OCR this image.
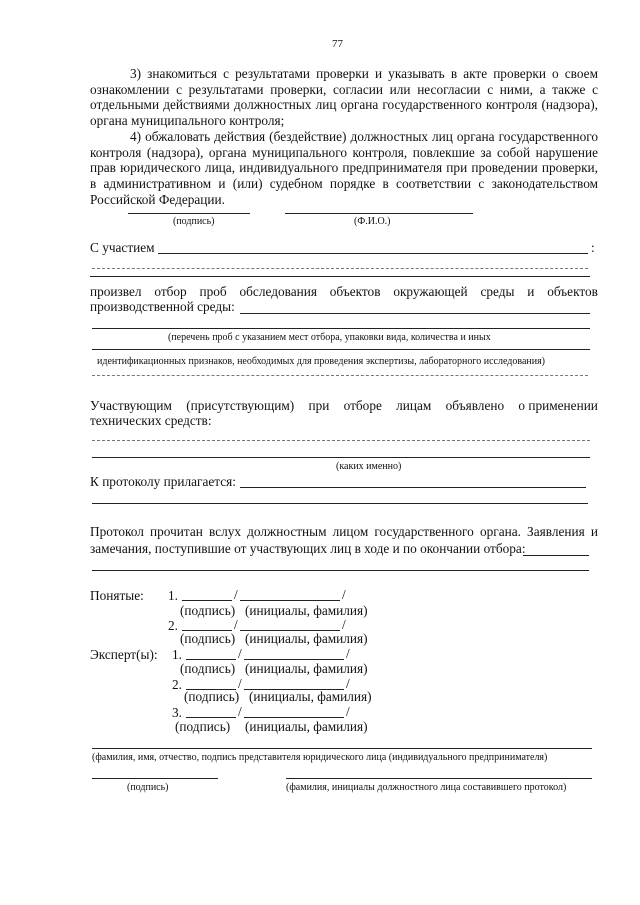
77

3) знакомиться с результатами проверки и указывать в акте проверки о своем ознакомлении с результатами проверки, согласии или несогласии с ними, а также с отдельными действиями должностных лиц органа государственного контроля (надзора), органа муниципального контроля;

4) обжаловать действия (бездействие) должностных лиц органа государственного контроля (надзора), органа муниципального контроля, повлекшие за собой нарушение прав юридического лица, индивидуального предпринимателя при проведении проверки, в административном и (или) судебном порядке в соответствии с законодательством Российской Федерации.

(подпись)	(Ф.И.О.)
С участием	:
произвел отбор проб обследования объектов окружающей среды и объектов
производственной среды:
(перечень проб с указанием мест отбора, упаковки вида, количества и иных
идентификационных признаков, необходимых для проведения экспертизы, лабораторного исследования)
Участвующим (присутствующим) при отборе лицам объявлено о применении
технических средств:
(каких именно)
К протоколу прилагается:
Протокол прочитан вслух должностным лицом государственного органа. Заявления и
замечания, поступившие от участвующих лиц в ходе и по окончании отбора:
Понятые: 1.	/	/
(подпись) (инициалы, фамилия)
2.	/	/
(подпись) (инициалы, фамилия)
Эксперт(ы): 1.	/	/
(подпись) (инициалы, фамилия)
2.	/	/
(подпись) (инициалы, фамилия)
3.	/	/
(подпись) (инициалы, фамилия)
(фамилия, имя, отчество, подпись представителя юридического лица (индивидуального предпринимателя)
(подпись)	(фамилия, инициалы должностного лица составившего протокол)
